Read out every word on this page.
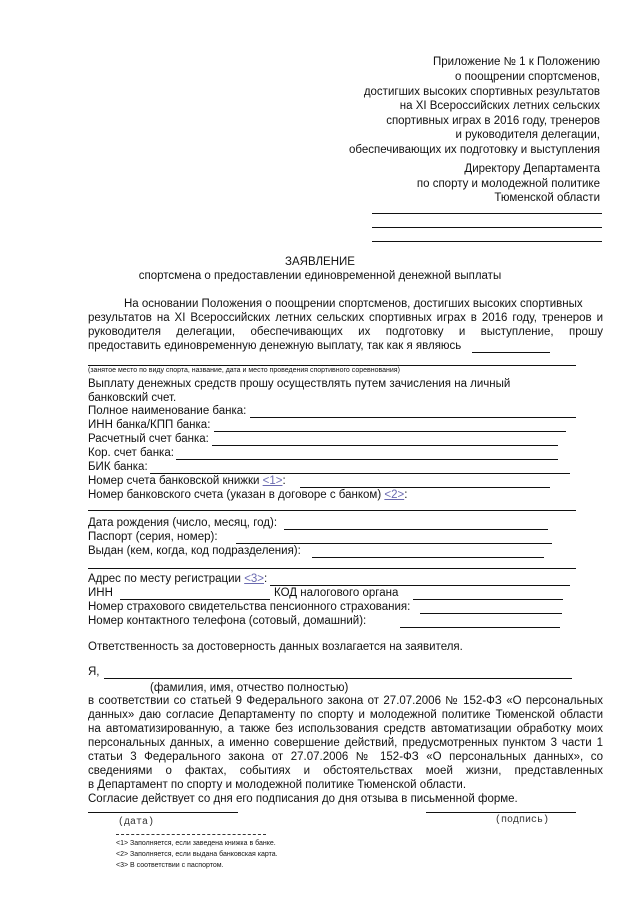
Приложение № 1 к Положению
о поощрении спортсменов,
достигших высоких спортивных результатов
на XI Всероссийских летних сельских
спортивных играх в 2016 году, тренеров
и руководителя делегации,
обеспечивающих их подготовку и выступления
Директору Департамента
по спорту и молодежной политике
Тюменской области
ЗАЯВЛЕНИЕ
спортсмена о предоставлении единовременной денежной выплаты
На основании Положения о поощрении спортсменов, достигших высоких спортивных
результатов на XI Всероссийских летних сельских спортивных играх в 2016 году, тренеров и
руководителя делегации, обеспечивающих их подготовку и выступление, прошу
предоставить единовременную денежную выплату, так как я являюсь
(занятое место по виду спорта, название, дата и место проведения спортивного соревнования)
Выплату денежных средств прошу осуществлять путем зачисления на личный
банковский счет.
Полное наименование банка:
ИНН банка/КПП банка:
Расчетный счет банка:
Кор. счет банка:
БИК банка:
Номер счета банковской книжки <1>:
Номер банковского счета (указан в договоре с банком) <2>:
Дата рождения (число, месяц, год):
Паспорт (серия, номер):
Выдан (кем, когда, код подразделения):
Адрес по месту регистрации <3>:
ИНН	КОД налогового органа
Номер страхового свидетельства пенсионного страхования:
Номер контактного телефона (сотовый, домашний):
Ответственность за достоверность данных возлагается на заявителя.
Я,
(фамилия, имя, отчество полностью)
в соответствии со статьей 9 Федерального закона от 27.07.2006 № 152-ФЗ «О персональных
данных» даю согласие Департаменту по спорту и молодежной политике Тюменской области
на автоматизированную, а также без использования средств автоматизации обработку моих
персональных данных, а именно совершение действий, предусмотренных пунктом 3 части 1
статьи 3 Федерального закона от 27.07.2006 № 152-ФЗ «О персональных данных», со
сведениями о фактах, событиях и обстоятельствах моей жизни, представленных
в Департамент по спорту и молодежной политике Тюменской области.
Согласие действует со дня его подписания до дня отзыва в письменной форме.
(дата)	(подпись)
<1> Заполняется, если заведена книжка в банке.
<2> Заполняется, если выдана банковская карта.
<3> В соответствии с паспортом.
